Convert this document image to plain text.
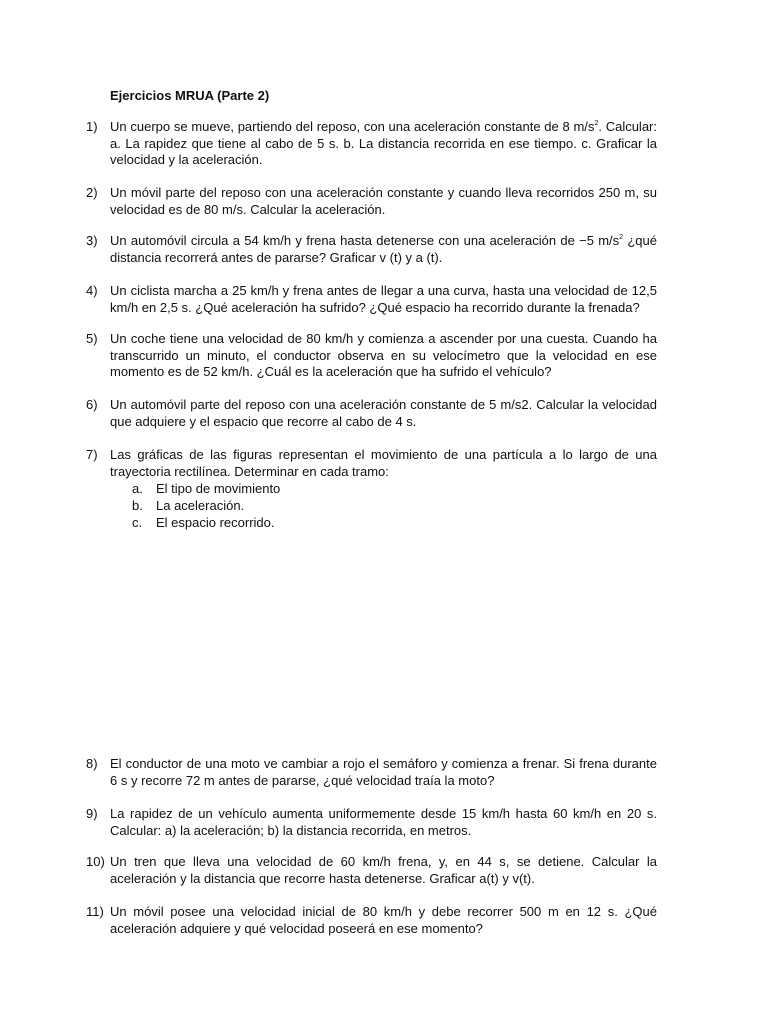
Ejercicios MRUA (Parte 2)
1) Un cuerpo se mueve, partiendo del reposo, con una aceleración constante de 8 $m/s^2$. Calcular: a. La rapidez que tiene al cabo de 5 s. b. La distancia recorrida en ese tiempo. c. Graficar la velocidad y la aceleración.
2) Un móvil parte del reposo con una aceleración constante y cuando lleva recorridos 250 m, su velocidad es de 80 m/s. Calcular la aceleración.
3) Un automóvil circula a 54 km/h y frena hasta detenerse con una aceleración de −5 $m/s^2$ ¿qué distancia recorrerá antes de pararse? Graficar v (t) y a (t).
4) Un ciclista marcha a 25 km/h y frena antes de llegar a una curva, hasta una velocidad de 12,5 km/h en 2,5 s. ¿Qué aceleración ha sufrido? ¿Qué espacio ha recorrido durante la frenada?
5) Un coche tiene una velocidad de 80 km/h y comienza a ascender por una cuesta. Cuando ha transcurrido un minuto, el conductor observa en su velocímetro que la velocidad en ese momento es de 52 km/h. ¿Cuál es la aceleración que ha sufrido el vehículo?
6) Un automóvil parte del reposo con una aceleración constante de 5 m/s2. Calcular la velocidad que adquiere y el espacio que recorre al cabo de 4 s.
7) Las gráficas de las figuras representan el movimiento de una partícula a lo largo de una trayectoria rectilínea. Determinar en cada tramo:
a. El tipo de movimiento
b. La aceleración.
c. El espacio recorrido.
8) El conductor de una moto ve cambiar a rojo el semáforo y comienza a frenar. Si frena durante 6 s y recorre 72 m antes de pararse, ¿qué velocidad traía la moto?
9) La rapidez de un vehículo aumenta uniformemente desde 15 km/h hasta 60 km/h en 20 s. Calcular: a) la aceleración; b) la distancia recorrida, en metros.
10) Un tren que lleva una velocidad de 60 km/h frena, y, en 44 s, se detiene. Calcular la aceleración y la distancia que recorre hasta detenerse. Graficar a(t) y v(t).
11) Un móvil posee una velocidad inicial de 80 km/h y debe recorrer 500 m en 12 s. ¿Qué aceleración adquiere y qué velocidad poseerá en ese momento?
